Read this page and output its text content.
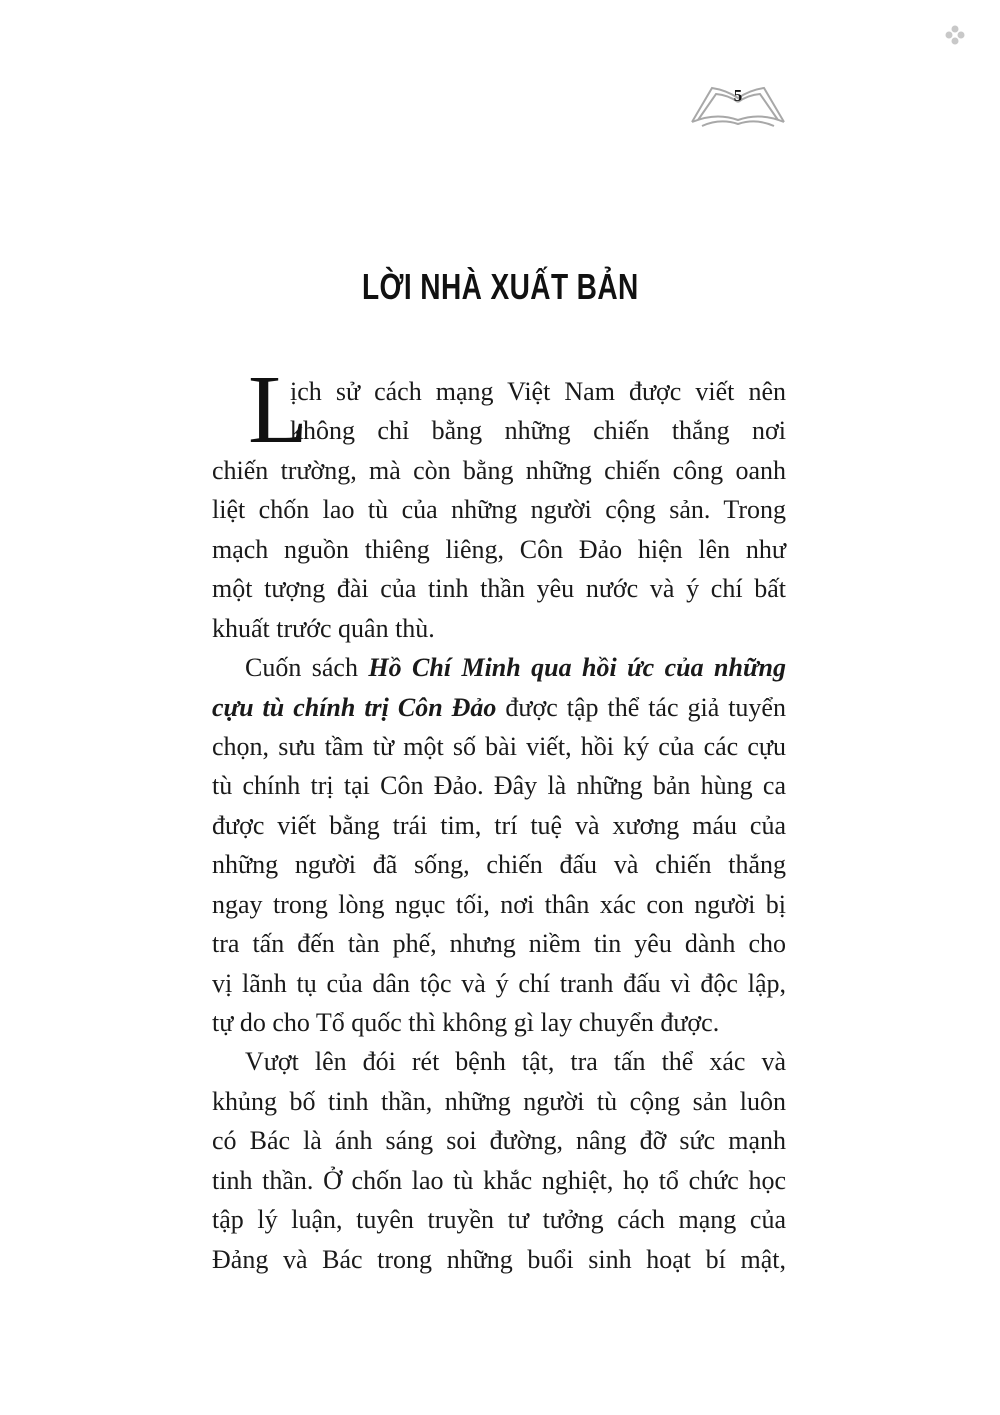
5
LỜI NHÀ XUẤT BẢN
L
ịch sử cách mạng Việt Nam được viết nên
không chỉ bằng những chiến thắng nơi
chiến trường, mà còn bằng những chiến công oanh
liệt chốn lao tù của những người cộng sản. Trong
mạch nguồn thiêng liêng, Côn Đảo hiện lên như
một tượng đài của tinh thần yêu nước và ý chí bất
khuất trước quân thù.
Cuốn sách Hồ Chí Minh qua hồi ức của những
cựu tù chính trị Côn Đảo được tập thể tác giả tuyển
chọn, sưu tầm từ một số bài viết, hồi ký của các cựu
tù chính trị tại Côn Đảo. Đây là những bản hùng ca
được viết bằng trái tim, trí tuệ và xương máu của
những người đã sống, chiến đấu và chiến thắng
ngay trong lòng ngục tối, nơi thân xác con người bị
tra tấn đến tàn phế, nhưng niềm tin yêu dành cho
vị lãnh tụ của dân tộc và ý chí tranh đấu vì độc lập,
tự do cho Tổ quốc thì không gì lay chuyển được.
Vượt lên đói rét bệnh tật, tra tấn thể xác và
khủng bố tinh thần, những người tù cộng sản luôn
có Bác là ánh sáng soi đường, nâng đỡ sức mạnh
tinh thần. Ở chốn lao tù khắc nghiệt, họ tổ chức học
tập lý luận, tuyên truyền tư tưởng cách mạng của
Đảng và Bác trong những buổi sinh hoạt bí mật,
